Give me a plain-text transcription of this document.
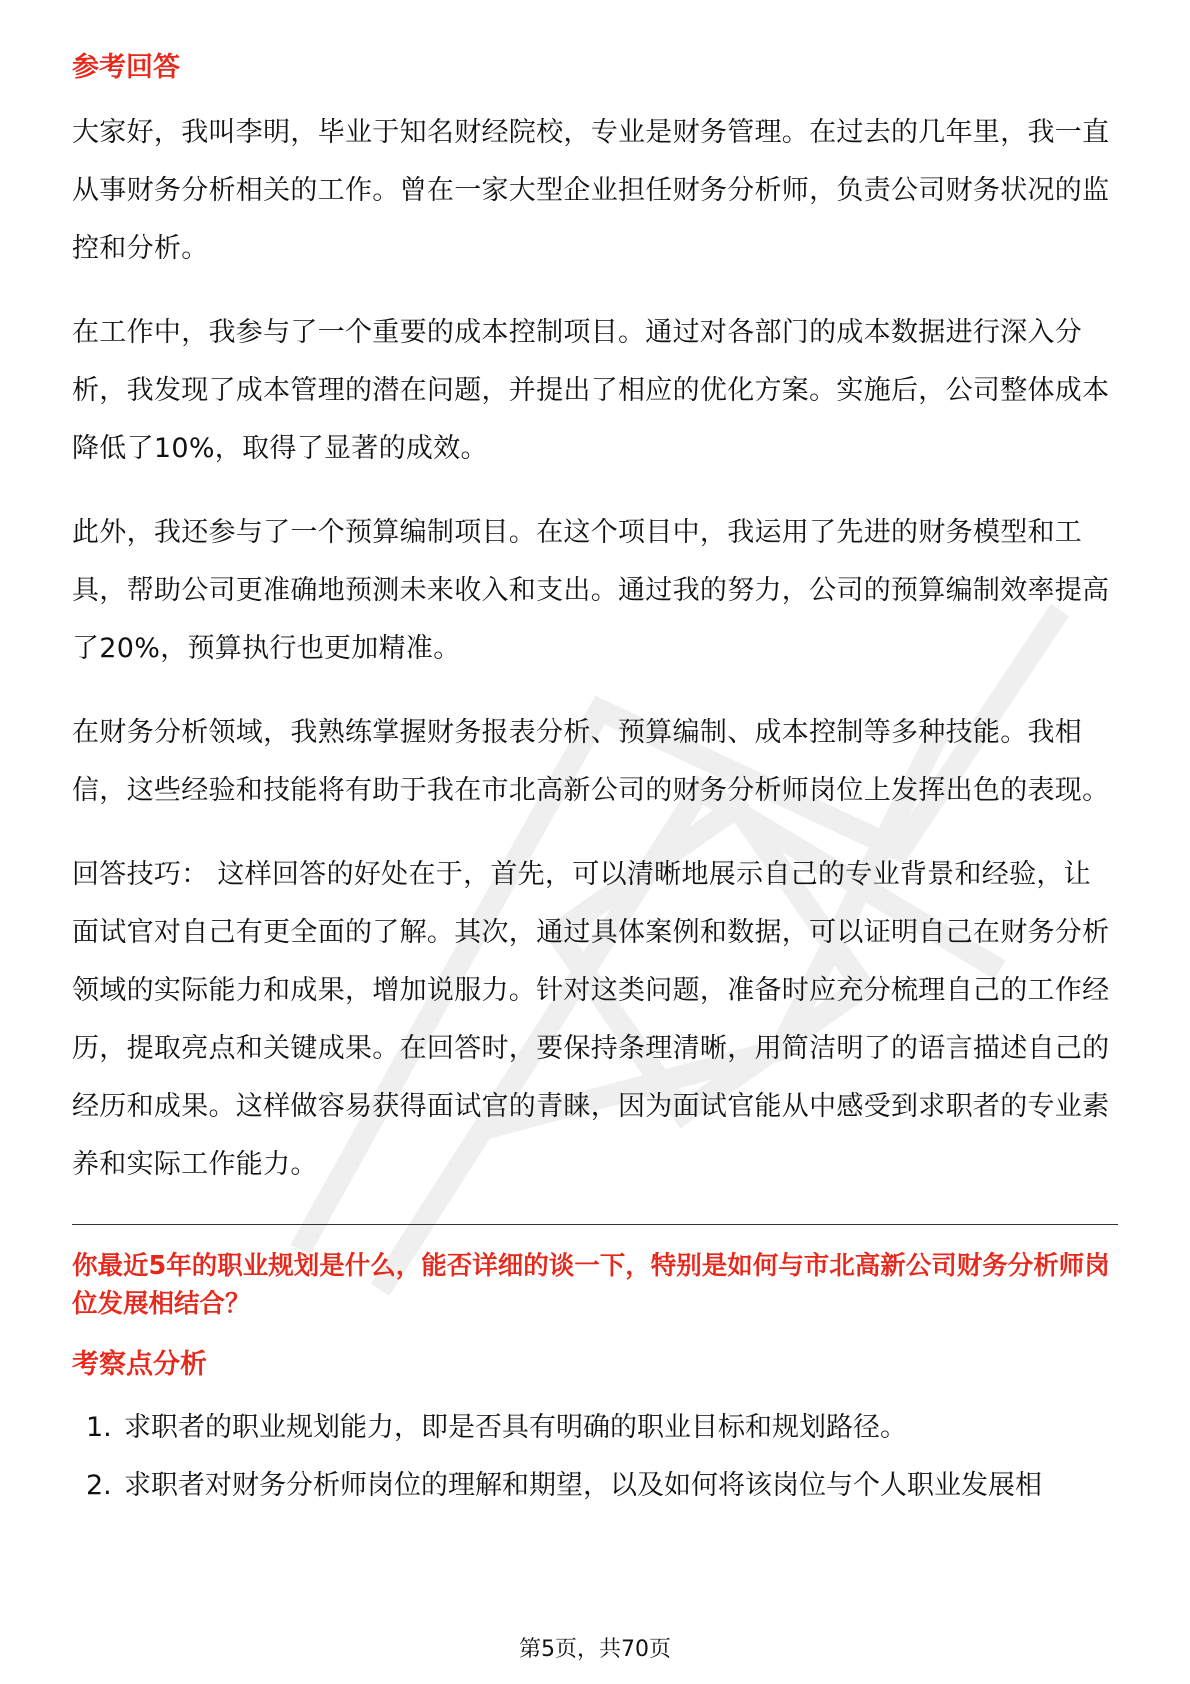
参考回答

大家好，我叫李明，毕业于知名财经院校，专业是财务管理。在过去的几年里，我一直从事财务分析相关的工作。曾在一家大型企业担任财务分析师，负责公司财务状况的监控和分析。

在工作中，我参与了一个重要的成本控制项目。通过对各部门的成本数据进行深入分析，我发现了成本管理的潜在问题，并提出了相应的优化方案。实施后，公司整体成本降低了10%，取得了显著的成效。

此外，我还参与了一个预算编制项目。在这个项目中，我运用了先进的财务模型和工具，帮助公司更准确地预测未来收入和支出。通过我的努力，公司的预算编制效率提高了20%，预算执行也更加精准。

在财务分析领域，我熟练掌握财务报表分析、预算编制、成本控制等多种技能。我相信，这些经验和技能将有助于我在市北高新公司的财务分析师岗位上发挥出色的表现。

回答技巧： 这样回答的好处在于，首先，可以清晰地展示自己的专业背景和经验，让面试官对自己有更全面的了解。其次，通过具体案例和数据，可以证明自己在财务分析领域的实际能力和成果，增加说服力。针对这类问题，准备时应充分梳理自己的工作经历，提取亮点和关键成果。在回答时，要保持条理清晰，用简洁明了的语言描述自己的经历和成果。这样做容易获得面试官的青睐，因为面试官能从中感受到求职者的专业素养和实际工作能力。

你最近5年的职业规划是什么，能否详细的谈一下，特别是如何与市北高新公司财务分析师岗位发展相结合？
考察点分析
1. 求职者的职业规划能力，即是否具有明确的职业目标和规划路径。
2. 求职者对财务分析师岗位的理解和期望，以及如何将该岗位与个人职业发展相
第5页，共70页
